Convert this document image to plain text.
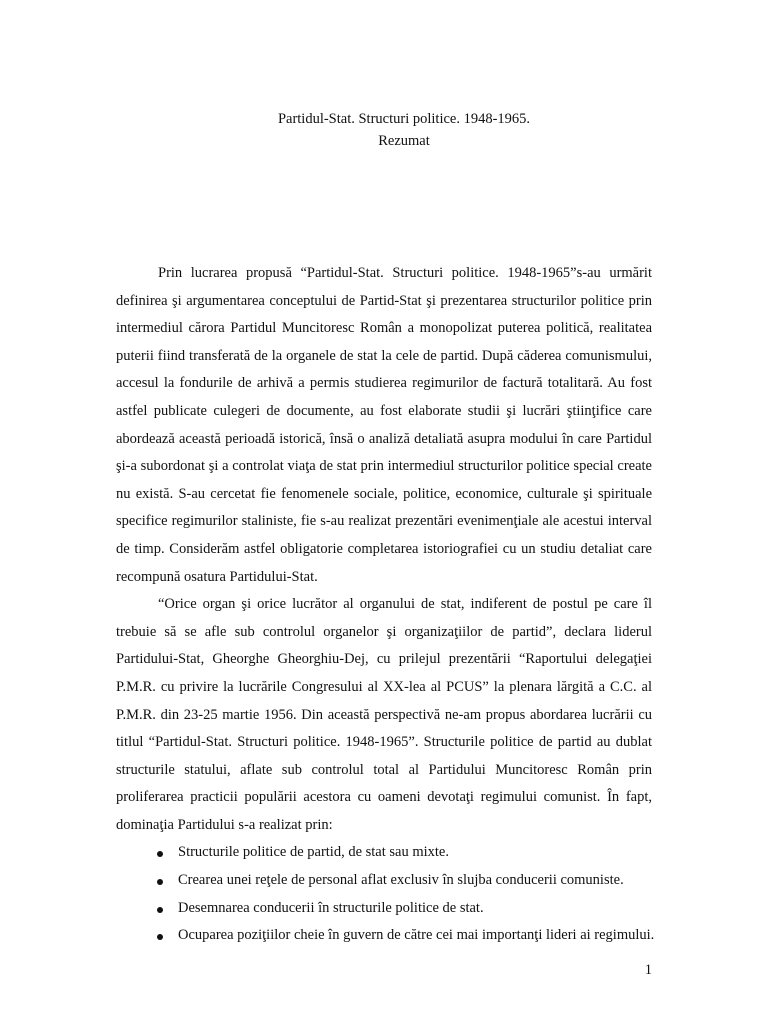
Partidul-Stat. Structuri politice. 1948-1965.
Rezumat
Prin lucrarea propusă “Partidul-Stat. Structuri politice. 1948-1965”s-au urmărit
definirea şi argumentarea conceptului de Partid-Stat şi prezentarea structurilor politice prin
intermediul cărora Partidul Muncitoresc Român a monopolizat puterea politică, realitatea
puterii fiind transferată de la organele de stat la cele de partid. După căderea comunismului,
accesul la fondurile de arhivă a permis studierea regimurilor de factură totalitară. Au fost
astfel publicate culegeri de documente, au fost elaborate studii şi lucrări ştiinţifice care
abordează această perioadă istorică, însă o analiză detaliată asupra modului în care Partidul
şi-a subordonat şi a controlat viaţa de stat prin intermediul structurilor politice special create
nu există. S-au cercetat fie fenomenele sociale, politice, economice, culturale şi spirituale
specifice regimurilor staliniste, fie s-au realizat prezentări evenimenţiale ale acestui interval
de timp. Considerăm astfel obligatorie completarea istoriografiei cu un studiu detaliat care
recompună osatura Partidului-Stat.
“Orice organ şi orice lucrător al organului de stat, indiferent de postul pe care îl
trebuie să se afle sub controlul organelor şi organizaţiilor de partid”, declara liderul
Partidului-Stat, Gheorghe Gheorghiu-Dej, cu prilejul prezentării “Raportului delegaţiei
P.M.R. cu privire la lucrările Congresului al XX-lea al PCUS” la plenara lărgită a C.C. al
P.M.R. din 23-25 martie 1956. Din această perspectivă ne-am propus abordarea lucrării cu
titlul “Partidul-Stat. Structuri politice. 1948-1965”. Structurile politice de partid au dublat
structurile statului, aflate sub controlul total al Partidului Muncitoresc Român prin
proliferarea practicii populării acestora cu oameni devotaţi regimului comunist. În fapt,
dominaţia Partidului s-a realizat prin:
Structurile politice de partid, de stat sau mixte.
Crearea unei reţele de personal aflat exclusiv în slujba conducerii comuniste.
Desemnarea conducerii în structurile politice de stat.
Ocuparea poziţiilor cheie în guvern de către cei mai importanţi lideri ai regimului.
1
